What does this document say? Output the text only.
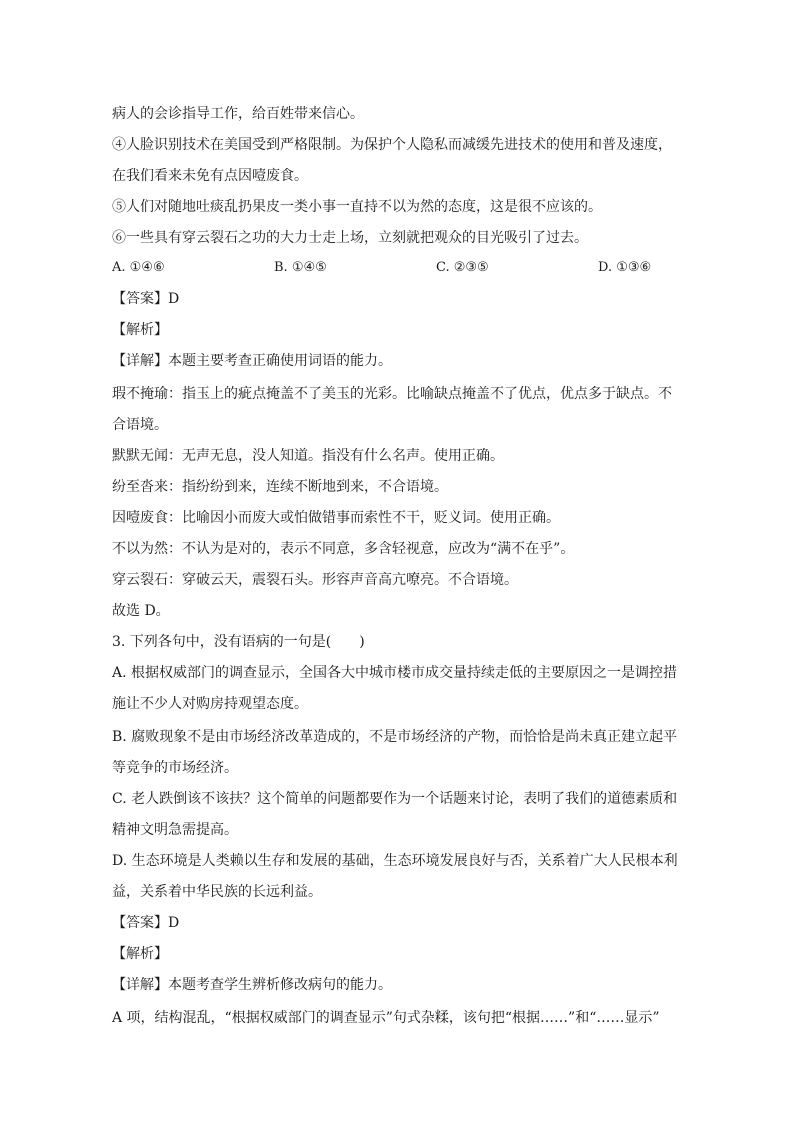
病人的会诊指导工作，给百姓带来信心。
④人脸识别技术在美国受到严格限制。为保护个人隐私而减缓先进技术的使用和普及速度，
在我们看来未免有点因噎废食。
⑤人们对随地吐痰乱扔果皮一类小事一直持不以为然的态度，这是很不应该的。
⑥一些具有穿云裂石之功的大力士走上场，立刻就把观众的目光吸引了过去。
A. ①④⑥	B. ①④⑤	C. ②③⑤	D. ①③⑥
【答案】D
【解析】
【详解】本题主要考查正确使用词语的能力。
瑕不掩瑜：指玉上的疵点掩盖不了美玉的光彩。比喻缺点掩盖不了优点，优点多于缺点。不
合语境。
默默无闻：无声无息，没人知道。指没有什么名声。使用正确。
纷至沓来：指纷纷到来，连续不断地到来，不合语境。
因噎废食：比喻因小而废大或怕做错事而索性不干，贬义词。使用正确。
不以为然：不认为是对的，表示不同意，多含轻视意，应改为“满不在乎”。
穿云裂石：穿破云天，震裂石头。形容声音高亢嘹亮。不合语境。
故选 D。
3. 下列各句中，没有语病的一句是(　　)
A. 根据权威部门的调查显示，全国各大中城市楼市成交量持续走低的主要原因之一是调控措
施让不少人对购房持观望态度。
B. 腐败现象不是由市场经济改革造成的，不是市场经济的产物，而恰恰是尚未真正建立起平
等竞争的市场经济。
C. 老人跌倒该不该扶？这个简单的问题都要作为一个话题来讨论，表明了我们的道德素质和
精神文明急需提高。
D. 生态环境是人类赖以生存和发展的基础，生态环境发展良好与否，关系着广大人民根本利
益，关系着中华民族的长远利益。
【答案】D
【解析】
【详解】本题考查学生辨析修改病句的能力。
A 项，结构混乱，“根据权威部门的调查显示”句式杂糅，该句把“根据……”和“……显示”
